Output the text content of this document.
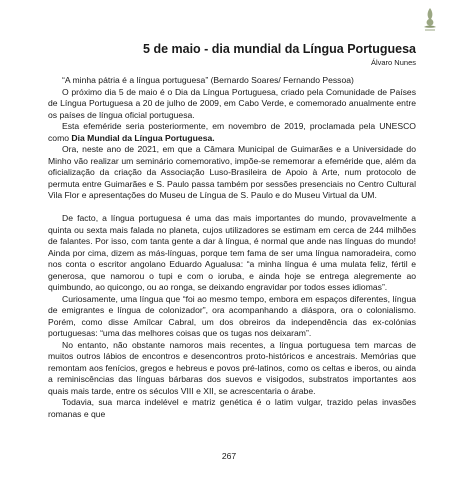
5 de maio - dia mundial da Língua Portuguesa
Álvaro Nunes

“A minha pátria é a língua portuguesa” (Bernardo Soares/ Fernando Pessoa)

O próximo dia 5 de maio é o Dia da Língua Portuguesa, criado pela Comunidade de Países de Língua Portuguesa a 20 de julho de 2009, em Cabo Verde, e comemorado anualmente entre os países de língua oficial portuguesa.

Esta efeméride seria posteriormente, em novembro de 2019, proclamada pela UNESCO como Dia Mundial da Língua Portuguesa.

Ora, neste ano de 2021, em que a Câmara Municipal de Guimarães e a Universidade do Minho vão realizar um seminário comemorativo, impõe-se rememorar a efeméride que, além da oficialização da criação da Associação Luso-Brasileira de Apoio à Arte, num protocolo de permuta entre Guimarães e S. Paulo passa também por sessões presenciais no Centro Cultural Vila Flor e apresentações do Museu de Língua de S. Paulo e do Museu Virtual da UM.

De facto, a língua portuguesa é uma das mais importantes do mundo, provavelmente a quinta ou sexta mais falada no planeta, cujos utilizadores se estimam em cerca de 244 milhões de falantes. Por isso, com tanta gente a dar à língua, é normal que ande nas línguas do mundo! Ainda por cima, dizem as más-línguas, porque tem fama de ser uma língua namoradeira, como nos conta o escritor angolano Eduardo Agualusa: “a minha língua é uma mulata feliz, fértil e generosa, que namorou o tupi e com o ioruba, e ainda hoje se entrega alegremente ao quimbundo, ao quicongo, ou ao ronga, se deixando engravidar por todos esses idiomas”.

Curiosamente, uma língua que “foi ao mesmo tempo, embora em espaços diferentes, língua de emigrantes e língua de colonizador”, ora acompanhando a diáspora, ora o colonialismo. Porém, como disse Amílcar Cabral, um dos obreiros da independência das ex-colónias portuguesas: “uma das melhores coisas que os tugas nos deixaram”.

No entanto, não obstante namoros mais recentes, a língua portuguesa tem marcas de muitos outros lábios de encontros e desencontros proto-históricos e ancestrais. Memórias que remontam aos fenícios, gregos e hebreus e povos pré-latinos, como os celtas e iberos, ou ainda a reminiscências das línguas bárbaras dos suevos e visigodos, substratos importantes aos quais mais tarde, entre os séculos VIII e XII, se acrescentaria o árabe.

Todavia, sua marca indelével e matriz genética é o latim vulgar, trazido pelas invasões romanas e que

267
